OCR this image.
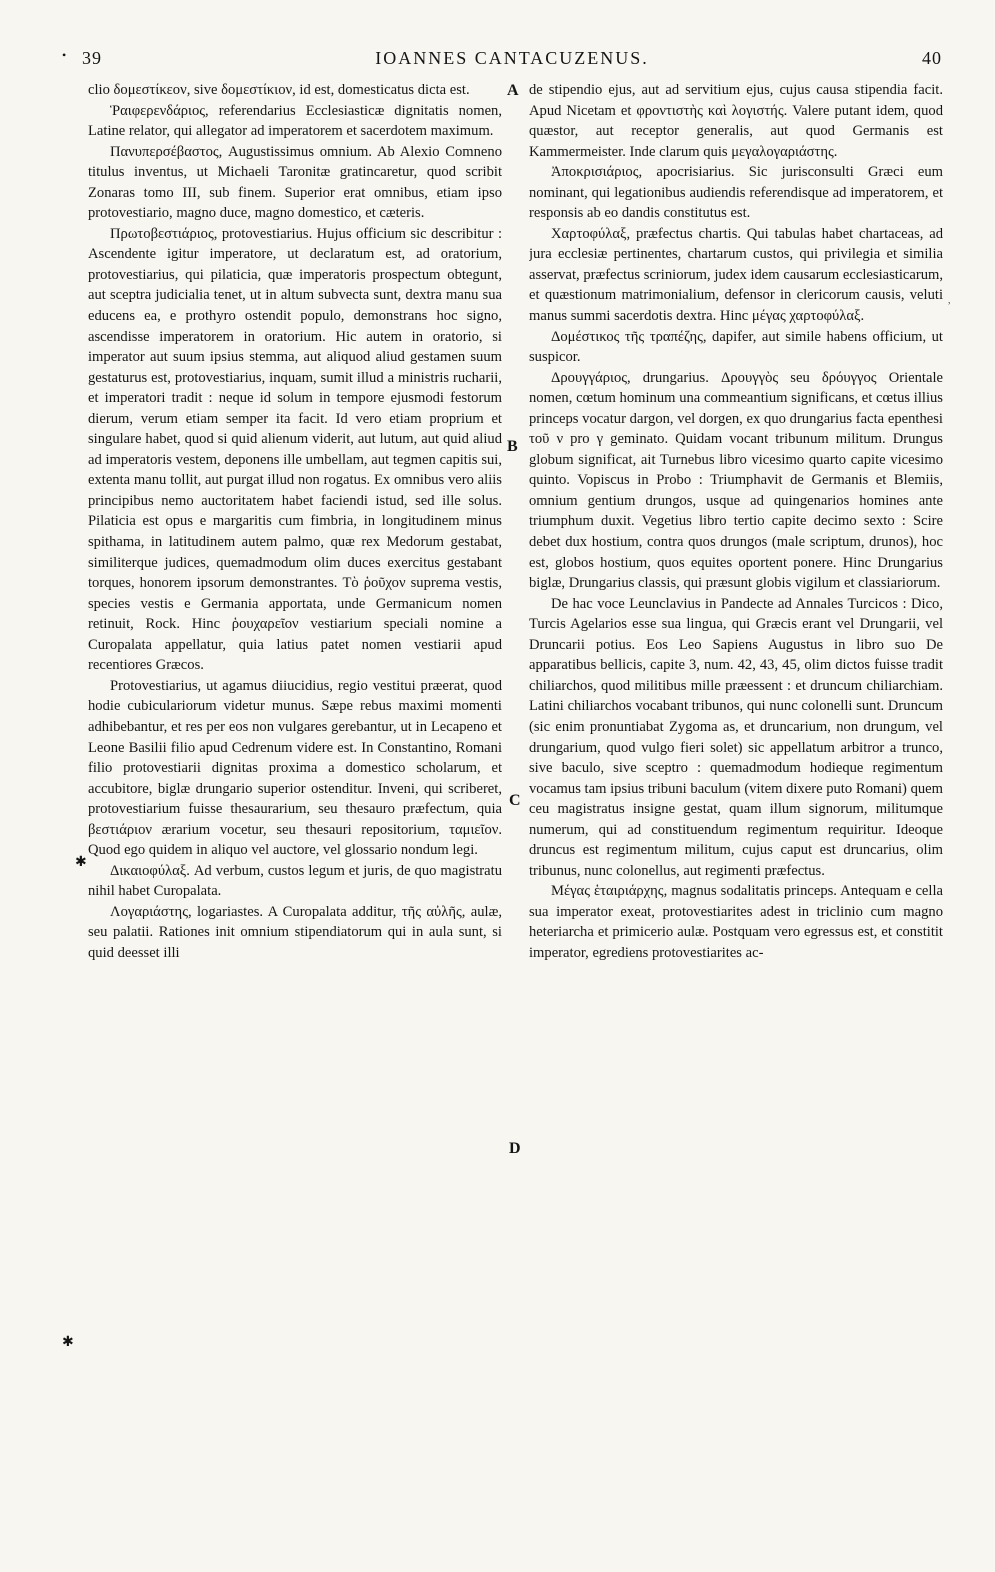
•
✱
✱
,
39	IOANNES CANTACUZENUS.	40
A
B
C
D

clio δομεστίκεον, sive δομεστίκιον, id est, domesticatus dicta est.

Ῥαιφερενδάριος, referendarius Ecclesiasticæ dignitatis nomen, Latine relator, qui allegator ad imperatorem et sacerdotem maximum.

Πανυπερσέβαστος, Augustissimus omnium. Ab Alexio Comneno titulus inventus, ut Michaeli Taronitæ gratincaretur, quod scribit Zonaras tomo III, sub finem. Superior erat omnibus, etiam ipso protovestiario, magno duce, magno domestico, et cæteris.

Πρωτοβεστιάριος, protovestiarius. Hujus officium sic describitur : Ascendente igitur imperatore, ut declaratum est, ad oratorium, protovestiarius, qui pilaticia, quæ imperatoris prospectum obtegunt, aut sceptra judicialia tenet, ut in altum subvecta sunt, dextra manu sua educens ea, e prothyro ostendit populo, demonstrans hoc signo, ascendisse imperatorem in oratorium. Hic autem in oratorio, si imperator aut suum ipsius stemma, aut aliquod aliud gestamen suum gestaturus est, protovestiarius, inquam, sumit illud a ministris rucharii, et imperatori tradit : neque id solum in tempore ejusmodi festorum dierum, verum etiam semper ita facit. Id vero etiam proprium et singulare habet, quod si quid alienum viderit, aut lutum, aut quid aliud ad imperatoris vestem, deponens ille umbellam, aut tegmen capitis sui, extenta manu tollit, aut purgat illud non rogatus. Ex omnibus vero aliis principibus nemo auctoritatem habet faciendi istud, sed ille solus. Pilaticia est opus e margaritis cum fimbria, in longitudinem minus spithama, in latitudinem autem palmo, quæ rex Medorum gestabat, similiterque judices, quemadmodum olim duces exercitus gestabant torques, honorem ipsorum demonstrantes. Τὸ ῥοῦχον suprema vestis, species vestis e Germania apportata, unde Germanicum nomen retinuit, Rock. Hinc ῥουχαρεῖον vestiarium speciali nomine a Curopalata appellatur, quia latius patet nomen vestiarii apud recentiores Græcos.

Protovestiarius, ut agamus diiucidius, regio vestitui præerat, quod hodie cubiculariorum videtur munus. Sæpe rebus maximi momenti adhibebantur, et res per eos non vulgares gerebantur, ut in Lecapeno et Leone Basilii filio apud Cedrenum videre est. In Constantino, Romani filio protovestiarii dignitas proxima a domestico scholarum, et accubitore, biglæ drungario superior ostenditur. Inveni, qui scriberet, protovestiarium fuisse thesaurarium, seu thesauro præfectum, quia βεστιάριον ærarium vocetur, seu thesauri repositorium, ταμιεῖον. Quod ego quidem in aliquo vel auctore, vel glossario nondum legi.

Δικαιοφύλαξ. Ad verbum, custos legum et juris, de quo magistratu nihil habet Curopalata.

Λογαριάστης, logariastes. A Curopalata additur, τῆς αὐλῆς, aulæ, seu palatii. Rationes init omnium stipendiatorum qui in aula sunt, si quid deesset illi

de stipendio ejus, aut ad servitium ejus, cujus causa stipendia facit. Apud Nicetam et φροντιστὴς καὶ λογιστής. Valere putant idem, quod quæstor, aut receptor generalis, aut quod Germanis est Kammermeister. Inde clarum quis μεγαλογαριάστης.

Ἀποκρισιάριος, apocrisiarius. Sic jurisconsulti Græci eum nominant, qui legationibus audiendis referendisque ad imperatorem, et responsis ab eo dandis constitutus est.

Χαρτοφύλαξ, præfectus chartis. Qui tabulas habet chartaceas, ad jura ecclesiæ pertinentes, chartarum custos, qui privilegia et similia asservat, præfectus scriniorum, judex idem causarum ecclesiasticarum, et quæstionum matrimonialium, defensor in clericorum causis, veluti manus summi sacerdotis dextra. Hinc μέγας χαρτοφύλαξ.

Δομέστικος τῆς τραπέζης, dapifer, aut simile habens officium, ut suspicor.

Δρουγγάριος, drungarius. Δρουγγὸς seu δρόυγγος Orientale nomen, cœtum hominum una commeantium significans, et cœtus illius princeps vocatur dargon, vel dorgen, ex quo drungarius facta epenthesi τοῦ ν pro γ geminato. Quidam vocant tribunum militum. Drungus globum significat, ait Turnebus libro vicesimo quarto capite vicesimo quinto. Vopiscus in Probo : Triumphavit de Germanis et Blemiis, omnium gentium drungos, usque ad quingenarios homines ante triumphum duxit. Vegetius libro tertio capite decimo sexto : Scire debet dux hostium, contra quos drungos (male scriptum, drunos), hoc est, globos hostium, quos equites oportent ponere. Hinc Drungarius biglæ, Drungarius classis, qui præsunt globis vigilum et classiariorum.

De hac voce Leunclavius in Pandecte ad Annales Turcicos : Dico, Turcis Agelarios esse sua lingua, qui Græcis erant vel Drungarii, vel Druncarii potius. Eos Leo Sapiens Augustus in libro suo De apparatibus bellicis, capite 3, num. 42, 43, 45, olim dictos fuisse tradit chiliarchos, quod militibus mille præessent : et druncum chiliarchiam. Latini chiliarchos vocabant tribunos, qui nunc colonelli sunt. Druncum (sic enim pronuntiabat Zygoma as, et druncarium, non drungum, vel drungarium, quod vulgo fieri solet) sic appellatum arbitror a trunco, sive baculo, sive sceptro : quemadmodum hodieque regimentum vocamus tam ipsius tribuni baculum (vitem dixere puto Romani) quem ceu magistratus insigne gestat, quam illum signorum, militumque numerum, qui ad constituendum regimentum requiritur. Ideoque druncus est regimentum militum, cujus caput est druncarius, olim tribunus, nunc colonellus, aut regimenti præfectus.

Μέγας ἑταιριάρχης, magnus sodalitatis princeps. Antequam e cella sua imperator exeat, protovestiarites adest in triclinio cum magno heteriarcha et primicerio aulæ. Postquam vero egressus est, et constitit imperator, egrediens protovestiarites ac-
